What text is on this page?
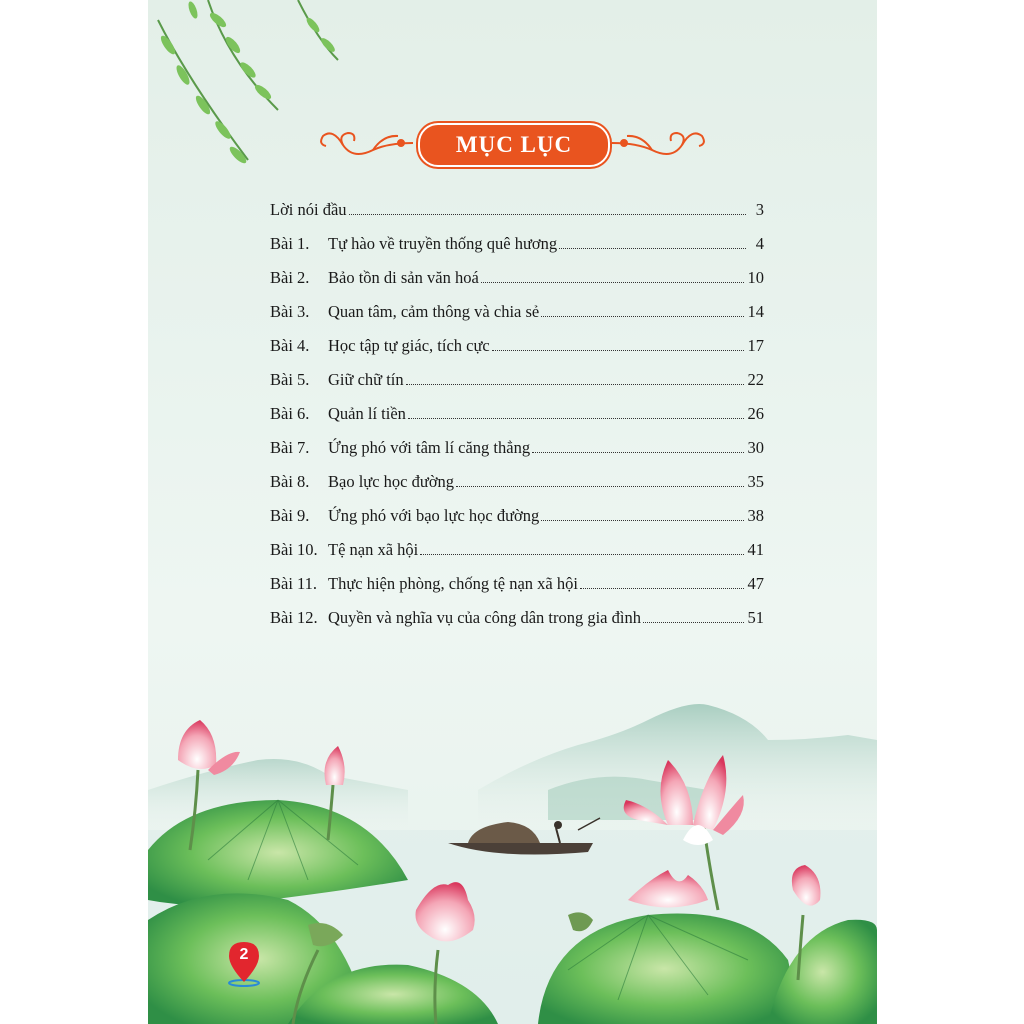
MỤC LỤC
Lời nói đầu	3
Bài 1.	Tự hào về truyền thống quê hương	4
Bài 2.	Bảo tồn di sản văn hoá	10
Bài 3.	Quan tâm, cảm thông và chia sẻ	14
Bài 4.	Học tập tự giác, tích cực	17
Bài 5.	Giữ chữ tín	22
Bài 6.	Quản lí tiền	26
Bài 7.	Ứng phó với tâm lí căng thẳng	30
Bài 8.	Bạo lực học đường	35
Bài 9.	Ứng phó với bạo lực học đường	38
Bài 10. Tệ nạn xã hội	41
Bài 11. Thực hiện phòng, chống tệ nạn xã hội	47
Bài 12. Quyền và nghĩa vụ của công dân trong gia đình	51
2
